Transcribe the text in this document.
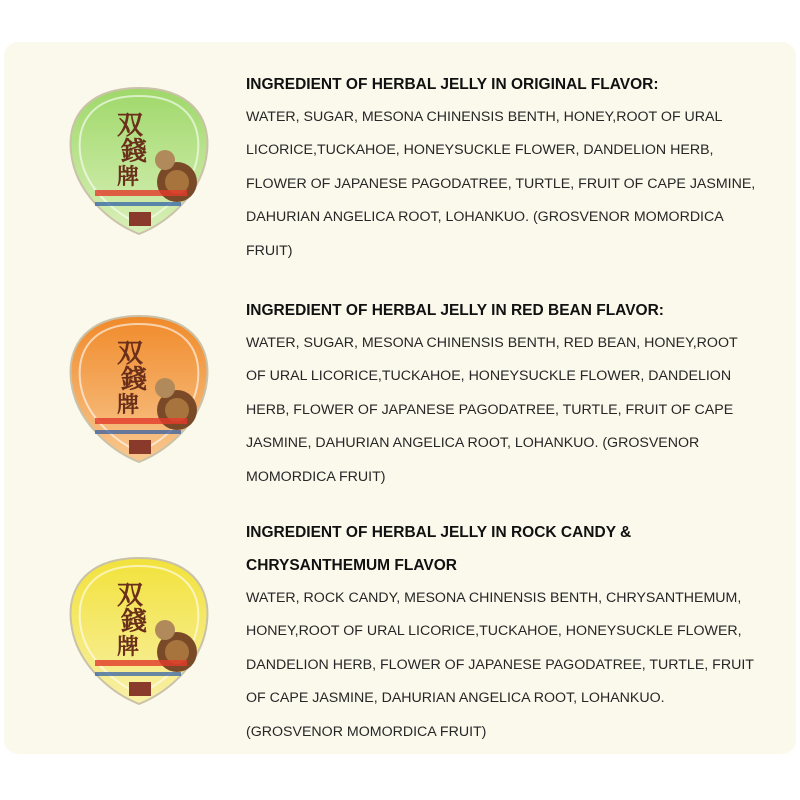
双
錢
牌

INGREDIENT OF HERBAL JELLY IN ORIGINAL FLAVOR:

WATER, SUGAR, MESONA CHINENSIS BENTH, HONEY,ROOT OF URAL

LICORICE,TUCKAHOE, HONEYSUCKLE FLOWER, DANDELION HERB,

FLOWER OF JAPANESE PAGODATREE, TURTLE, FRUIT OF CAPE JASMINE,

DAHURIAN ANGELICA ROOT, LOHANKUO. (GROSVENOR MOMORDICA

FRUIT)

双
錢
牌

INGREDIENT OF HERBAL JELLY IN RED BEAN FLAVOR:

WATER, SUGAR, MESONA CHINENSIS BENTH, RED BEAN, HONEY,ROOT

OF URAL LICORICE,TUCKAHOE, HONEYSUCKLE FLOWER, DANDELION

HERB, FLOWER OF JAPANESE PAGODATREE, TURTLE, FRUIT OF CAPE

JASMINE, DAHURIAN ANGELICA ROOT, LOHANKUO. (GROSVENOR

MOMORDICA FRUIT)

双
錢
牌

INGREDIENT OF HERBAL JELLY IN ROCK CANDY &

CHRYSANTHEMUM FLAVOR

WATER, ROCK CANDY, MESONA CHINENSIS BENTH, CHRYSANTHEMUM,

HONEY,ROOT OF URAL LICORICE,TUCKAHOE, HONEYSUCKLE FLOWER,

DANDELION HERB, FLOWER OF JAPANESE PAGODATREE, TURTLE, FRUIT

OF CAPE JASMINE, DAHURIAN ANGELICA ROOT, LOHANKUO.

(GROSVENOR MOMORDICA FRUIT)
